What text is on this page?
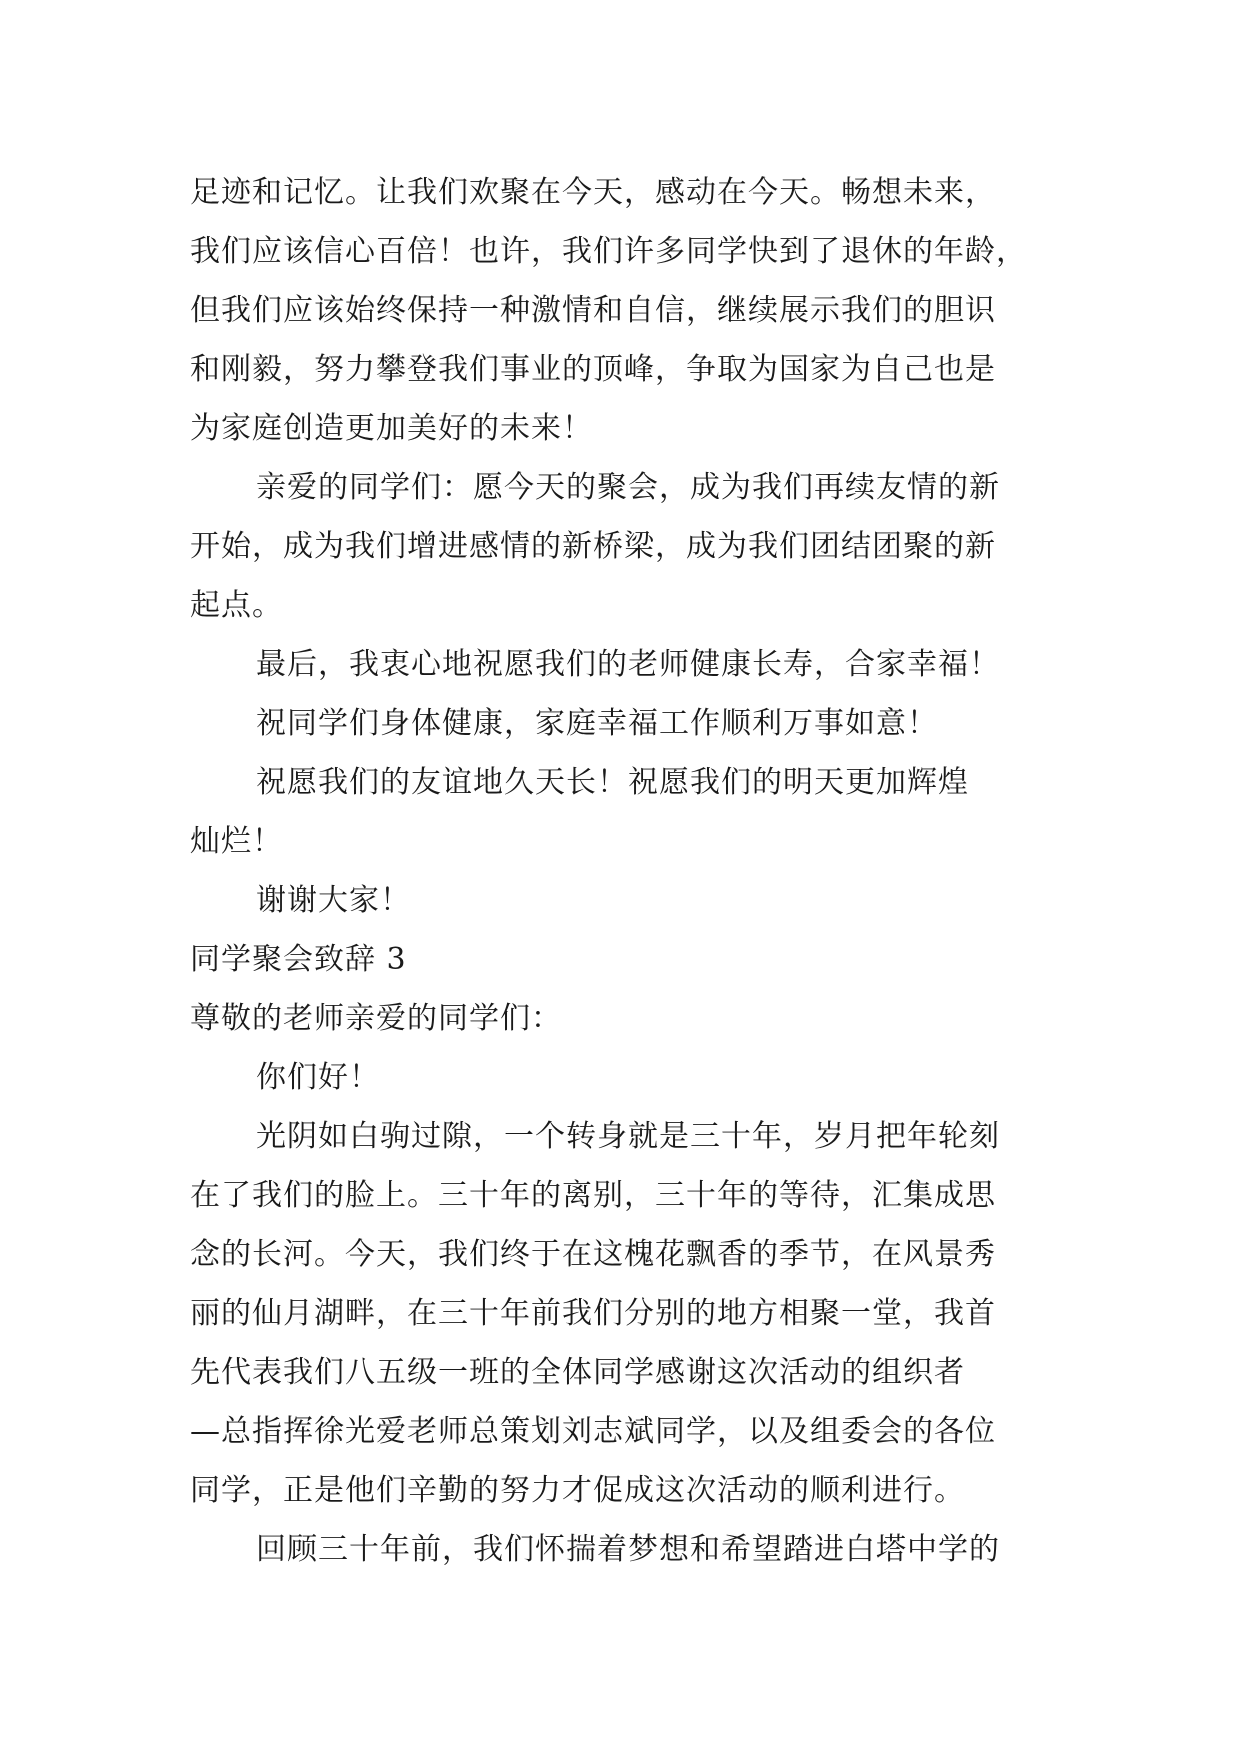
足迹和记忆。让我们欢聚在今天，感动在今天。畅想未来，
我们应该信心百倍！也许，我们许多同学快到了退休的年龄，
但我们应该始终保持一种激情和自信，继续展示我们的胆识
和刚毅，努力攀登我们事业的顶峰，争取为国家为自己也是
为家庭创造更加美好的未来！
亲爱的同学们：愿今天的聚会，成为我们再续友情的新
开始，成为我们增进感情的新桥梁，成为我们团结团聚的新
起点。
最后，我衷心地祝愿我们的老师健康长寿，合家幸福！
祝同学们身体健康，家庭幸福工作顺利万事如意！
祝愿我们的友谊地久天长！祝愿我们的明天更加辉煌
灿烂！
谢谢大家！
同学聚会致辞 3
尊敬的老师亲爱的同学们：
你们好！
光阴如白驹过隙，一个转身就是三十年，岁月把年轮刻
在了我们的脸上。三十年的离别，三十年的等待，汇集成思
念的长河。今天，我们终于在这槐花飘香的季节，在风景秀
丽的仙月湖畔，在三十年前我们分别的地方相聚一堂，我首
先代表我们八五级一班的全体同学感谢这次活动的组织者
—总指挥徐光爱老师总策划刘志斌同学，以及组委会的各位
同学，正是他们辛勤的努力才促成这次活动的顺利进行。
回顾三十年前，我们怀揣着梦想和希望踏进白塔中学的
